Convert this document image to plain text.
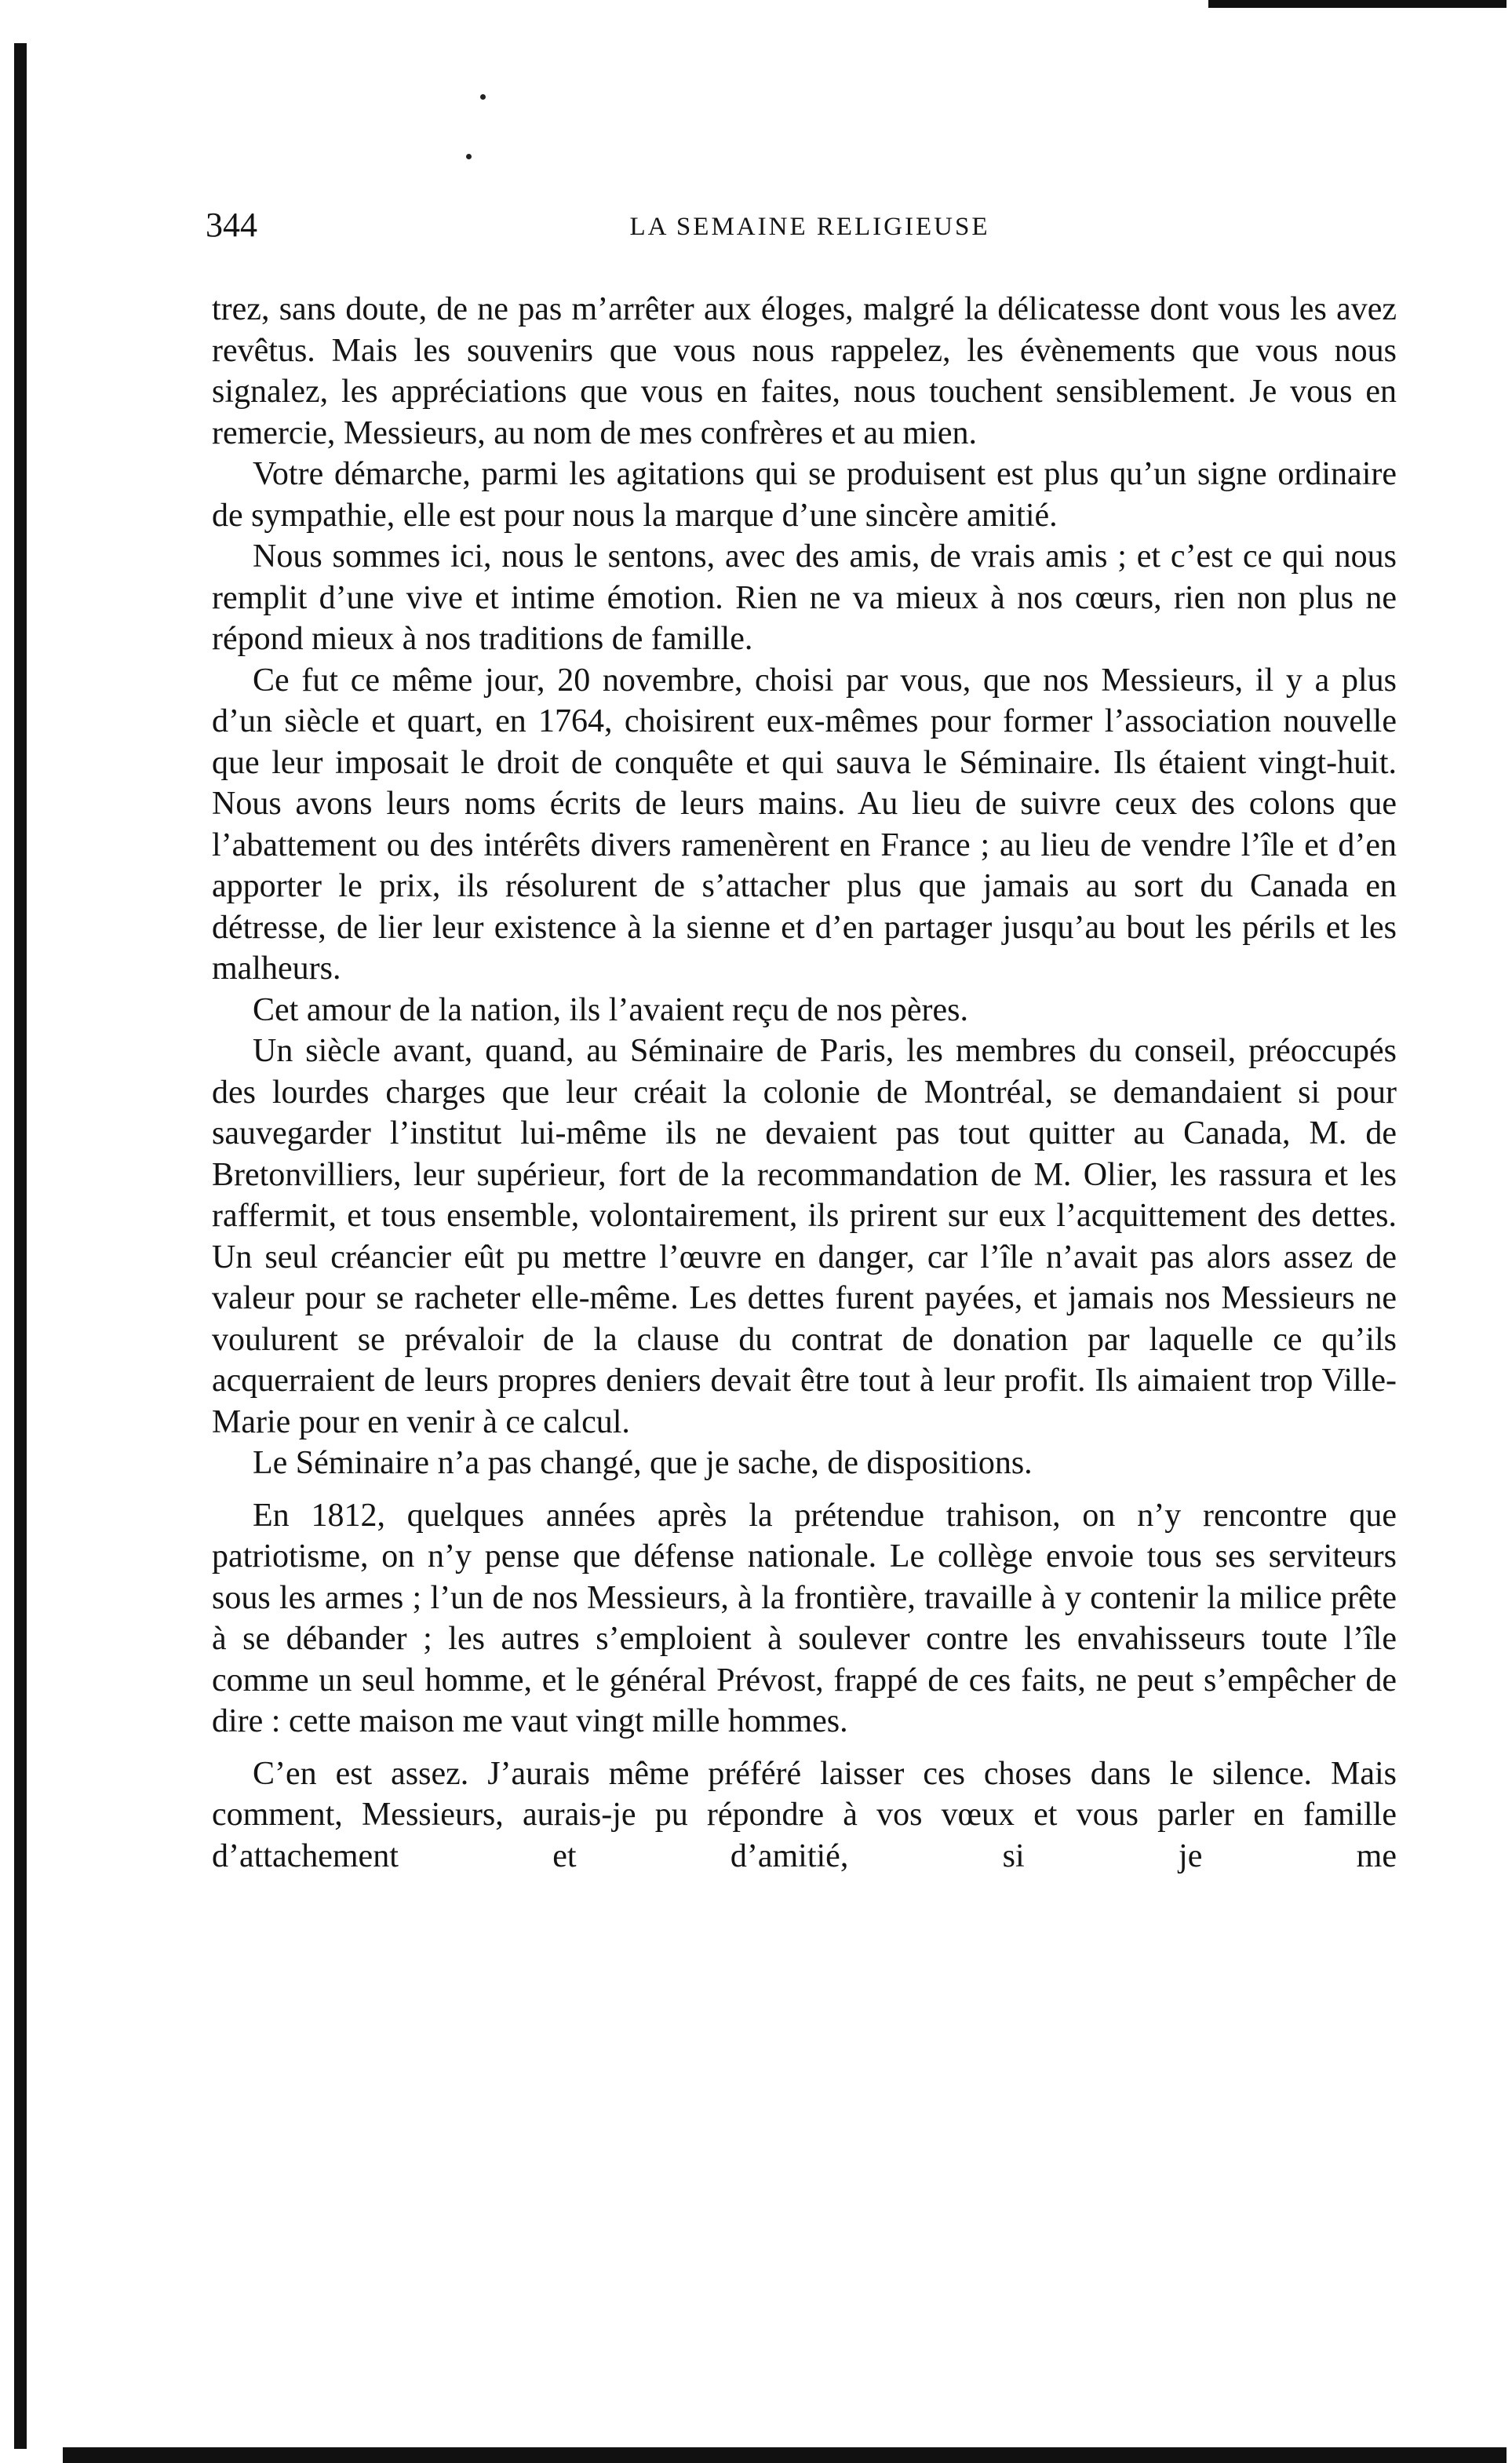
344	LA SEMAINE RELIGIEUSE

trez, sans doute, de ne pas m’arrêter aux éloges, malgré la délicatesse dont vous les avez revêtus. Mais les souvenirs que vous nous rappelez, les évènements que vous nous signalez, les appréciations que vous en faites, nous touchent sensiblement. Je vous en remercie, Messieurs, au nom de mes confrères et au mien.

Votre démarche, parmi les agitations qui se produisent est plus qu’un signe ordinaire de sympathie, elle est pour nous la marque d’une sincère amitié.

Nous sommes ici, nous le sentons, avec des amis, de vrais amis ; et c’est ce qui nous remplit d’une vive et intime émotion. Rien ne va mieux à nos cœurs, rien non plus ne répond mieux à nos traditions de famille.

Ce fut ce même jour, 20 novembre, choisi par vous, que nos Messieurs, il y a plus d’un siècle et quart, en 1764, choisirent eux-mêmes pour former l’association nouvelle que leur imposait le droit de conquête et qui sauva le Séminaire. Ils étaient vingt-huit. Nous avons leurs noms écrits de leurs mains. Au lieu de suivre ceux des colons que l’abattement ou des intérêts divers ramenèrent en France ; au lieu de vendre l’île et d’en apporter le prix, ils résolurent de s’attacher plus que jamais au sort du Canada en détresse, de lier leur existence à la sienne et d’en partager jusqu’au bout les périls et les malheurs.

Cet amour de la nation, ils l’avaient reçu de nos pères.

Un siècle avant, quand, au Séminaire de Paris, les membres du conseil, préoccupés des lourdes charges que leur créait la colonie de Montréal, se demandaient si pour sauvegarder l’institut lui-même ils ne devaient pas tout quitter au Canada, M. de Bretonvilliers, leur supérieur, fort de la recommandation de M. Olier, les rassura et les raffermit, et tous ensemble, volontairement, ils prirent sur eux l’acquittement des dettes. Un seul créancier eût pu mettre l’œuvre en danger, car l’île n’avait pas alors assez de valeur pour se racheter elle-même. Les dettes furent payées, et jamais nos Messieurs ne voulurent se prévaloir de la clause du contrat de donation par laquelle ce qu’ils acquerraient de leurs propres deniers devait être tout à leur profit. Ils aimaient trop Ville-Marie pour en venir à ce calcul.

Le Séminaire n’a pas changé, que je sache, de dispositions.

En 1812, quelques années après la prétendue trahison, on n’y rencontre que patriotisme, on n’y pense que défense nationale. Le collège envoie tous ses serviteurs sous les armes ; l’un de nos Messieurs, à la frontière, travaille à y contenir la milice prête à se débander ; les autres s’emploient à soulever contre les envahisseurs toute l’île comme un seul homme, et le général Prévost, frappé de ces faits, ne peut s’empêcher de dire : cette maison me vaut vingt mille hommes.

C’en est assez. J’aurais même préféré laisser ces choses dans le silence. Mais comment, Messieurs, aurais-je pu répondre à vos vœux et vous parler en famille d’attachement et d’amitié, si je me
